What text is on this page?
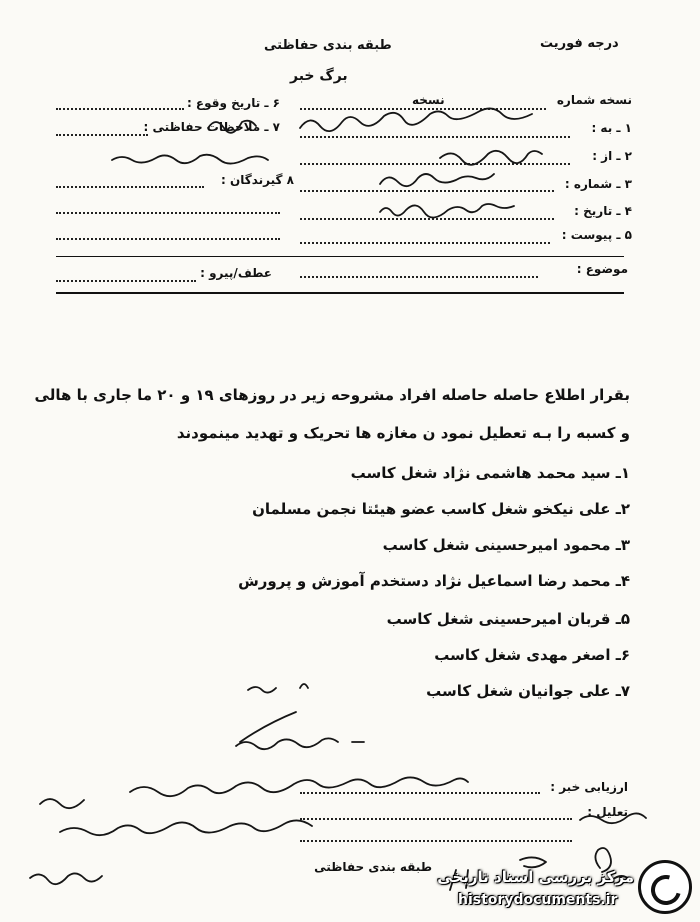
درجه فوریت
طبقه بندی حفاظتی
برگ خبر
نسخه شماره
نسخه
۱ ـ به :
۲ ـ از :
۳ ـ شماره :
۴ ـ تاریخ :
۵ ـ پیوست :
۶ ـ تاریخ وقوع :
۷ ـ ملاحظات حفاظتی :
۸ گیرندگان :
موضوع :
عطف/پیرو :
بقرار اطلاع حاصله حاصله افراد مشروحه زیر در روزهای ۱۹ و ۲۰ ما جاری با هالی
و کسبه را بـه تعطیل نمود ن مغازه ها تحریک و تهدید مینمودند
۱ـ سید محمد هاشمی نژاد شغل کاسب
۲ـ علی نیکخو شغل کاسب عضو هیئتا نجمن مسلمان
۳ـ محمود امیرحسینی شغل کاسب
۴ـ محمد رضا اسماعیل نژاد دستخدم آموزش و پرورش
۵ـ قربان امیرحسینی شغل کاسب
۶ـ اصغر مهدی شغل کاسب
۷ـ علی جوانیان شغل کاسب
ارزیابی خبر :
تعلیل :
طبقه بندی حفاظتی
مرکز بررسی اسناد تاریخی
historydocuments.ir
